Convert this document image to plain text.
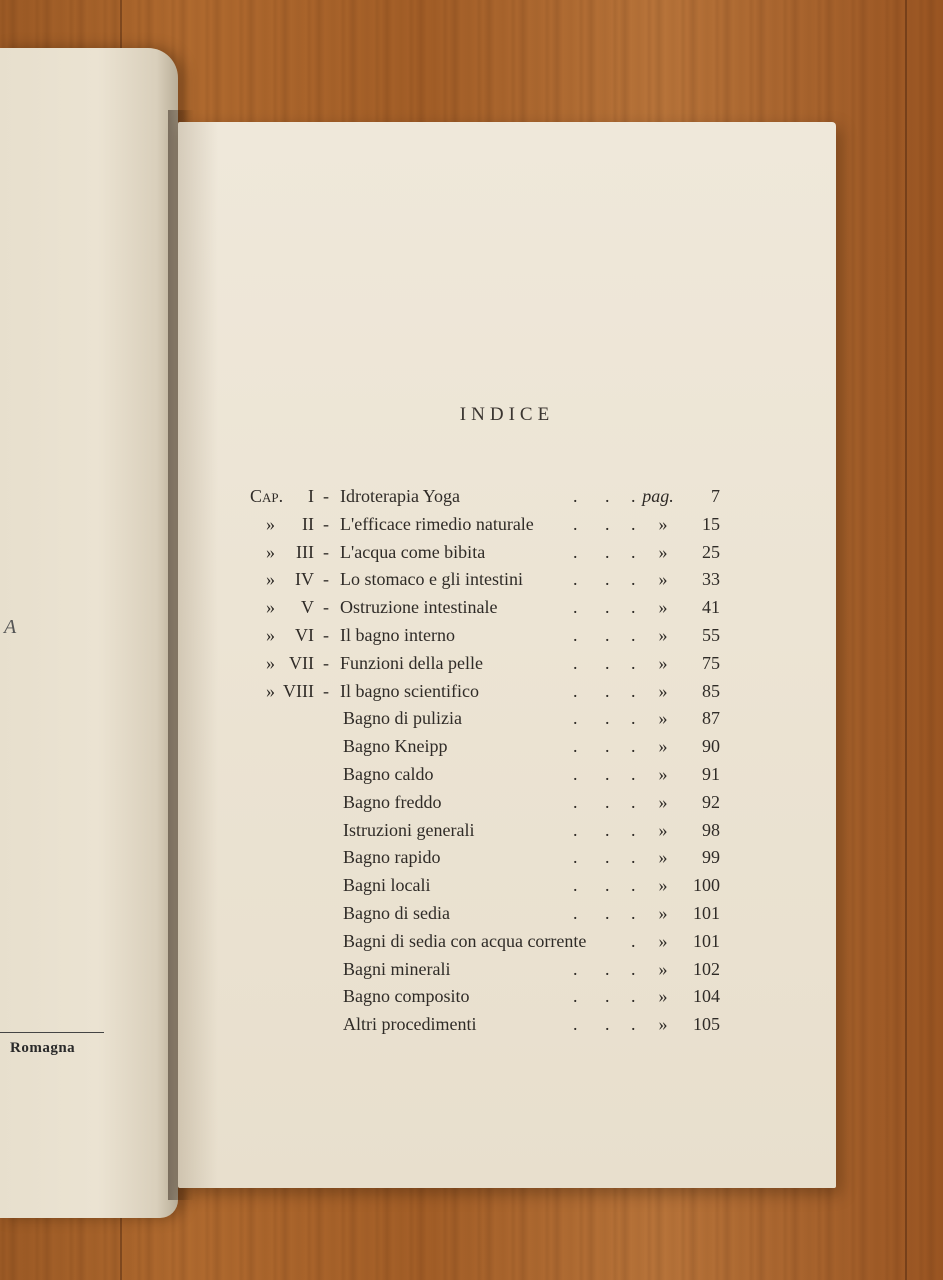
A
Romagna
INDICE
Cap.	I - Idroterapia Yoga	. . . pag. 7
»	II - L'efficace rimedio naturale . . .	»	15
»	III - L'acqua come bibita	. . .	»	25
»	IV - Lo stomaco e gli intestini	. . .	»	33
»	V - Ostruzione intestinale	. . .	»	41
»	VI - Il bagno interno	. . .	»	55
» VII - Funzioni della pelle	. . .	»	75
» VIII - Il bagno scientifico	. . .	»	85
Bagno di pulizia	. . .	»	87
Bagno Kneipp	. . .	»	90
Bagno caldo	. . .	»	91
Bagno freddo	. . .	»	92
Istruzioni generali	. . .	»	98
Bagno rapido	. . .	»	99
Bagni locali	. . .	»	100
Bagno di sedia	. . .	»	101
Bagni di sedia con acqua corrente .	»	101
Bagni minerali	. . .	»	102
Bagno composito	. . .	»	104
Altri procedimenti	. . .	»	105
